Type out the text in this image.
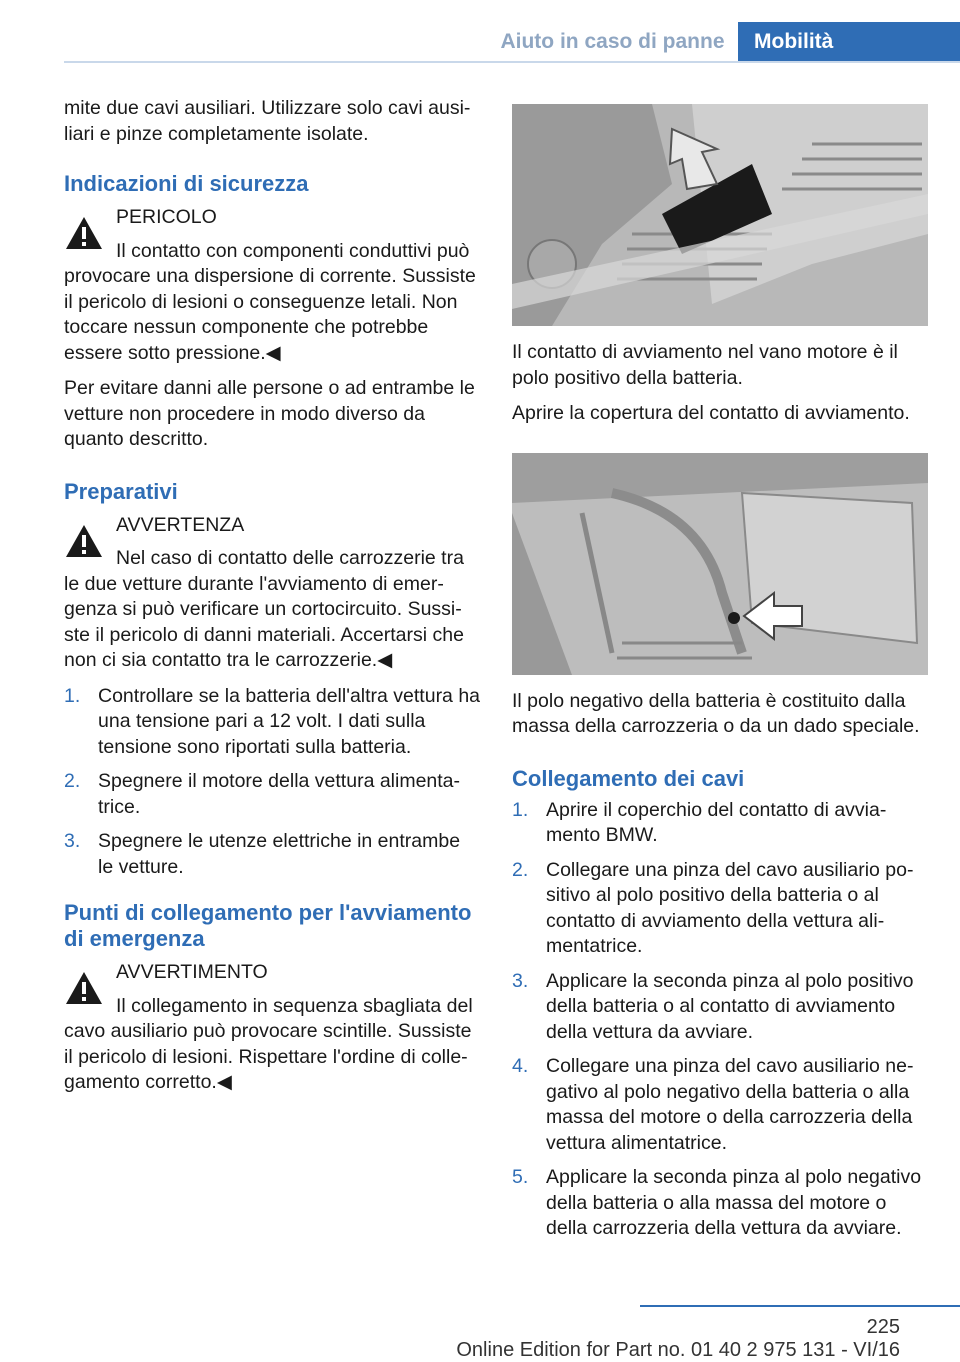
Aiuto in caso di panne	Mobilità

mite due cavi ausiliari. Utilizzare solo cavi ausiliari e pinze completamente isolate.

Indicazioni di sicurezza

PERICOLO

Il contatto con componenti conduttivi può provocare una dispersione di corrente. Sussiste il pericolo di lesioni o conseguenze letali. Non toccare nessun componente che potrebbe essere sotto pressione.◀

Per evitare danni alle persone o ad entrambe le vetture non procedere in modo diverso da quanto descritto.

Preparativi

AVVERTENZA

Nel caso di contatto delle carrozzerie tra le due vetture durante l'avviamento di emergenza si può verificare un cortocircuito. Sussiste il pericolo di danni materiali. Accertarsi che non ci sia contatto tra le carrozzerie.◀

1. Controllare se la batteria dell'altra vettura ha una tensione pari a 12 volt. I dati sulla tensione sono riportati sulla batteria.
2. Spegnere il motore della vettura alimentatrice.
3. Spegnere le utenze elettriche in entrambe le vetture.
Punti di collegamento per l'avviamento di emergenza

AVVERTIMENTO

Il collegamento in sequenza sbagliata del cavo ausiliario può provocare scintille. Sussiste il pericolo di lesioni. Rispettare l'ordine di collegamento corretto.◀

Il contatto di avviamento nel vano motore è il polo positivo della batteria.

Aprire la copertura del contatto di avviamento.

Il polo negativo della batteria è costituito dalla massa della carrozzeria o da un dado speciale.

Collegamento dei cavi
1. Aprire il coperchio del contatto di avviamento BMW.
2. Collegare una pinza del cavo ausiliario positivo al polo positivo della batteria o al contatto di avviamento della vettura alimentatrice.
3. Applicare la seconda pinza al polo positivo della batteria o al contatto di avviamento della vettura da avviare.
4. Collegare una pinza del cavo ausiliario negativo al polo negativo della batteria o alla massa del motore o della carrozzeria della vettura alimentatrice.
5. Applicare la seconda pinza al polo negativo della batteria o alla massa del motore o della carrozzeria della vettura da avviare.
225
Online Edition for Part no. 01 40 2 975 131 - VI/16
